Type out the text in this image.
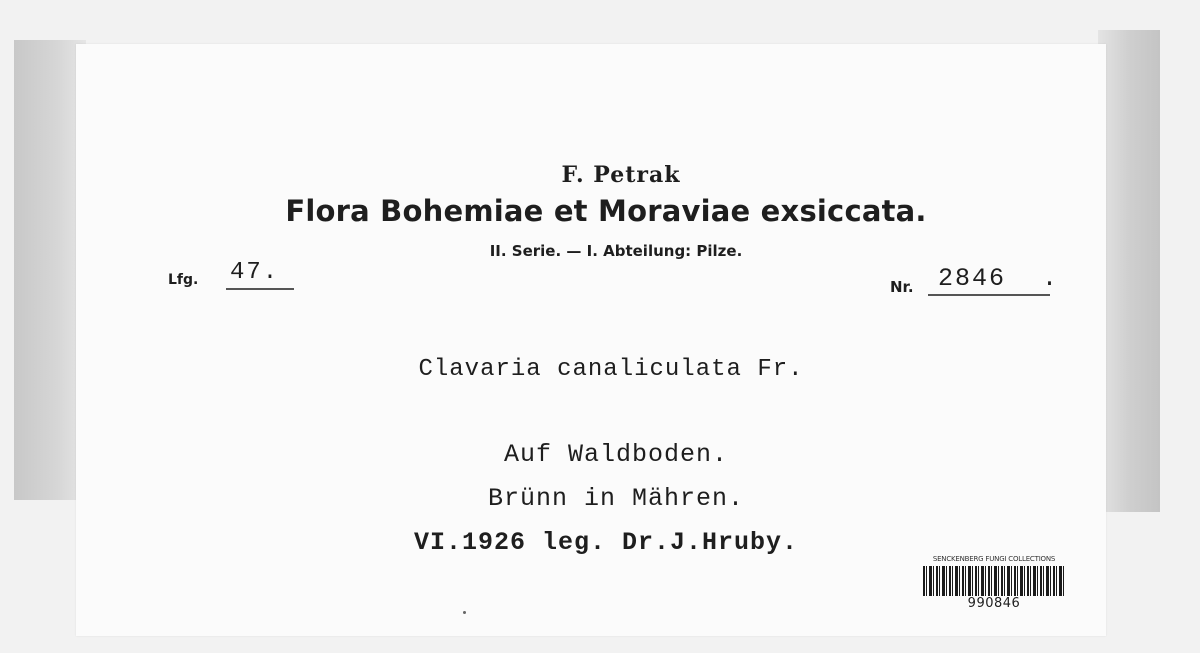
F. Petrak
Flora Bohemiae et Moraviae exsiccata.
II. Serie. — I. Abteilung: Pilze.
Lfg. 47.
Nr. 2846	.
Clavaria canaliculata Fr.
Auf Waldboden.
Brünn in Mähren.
VI.1926 leg. Dr.J.Hruby.
SENCKENBERG FUNGI COLLECTIONS
990846
